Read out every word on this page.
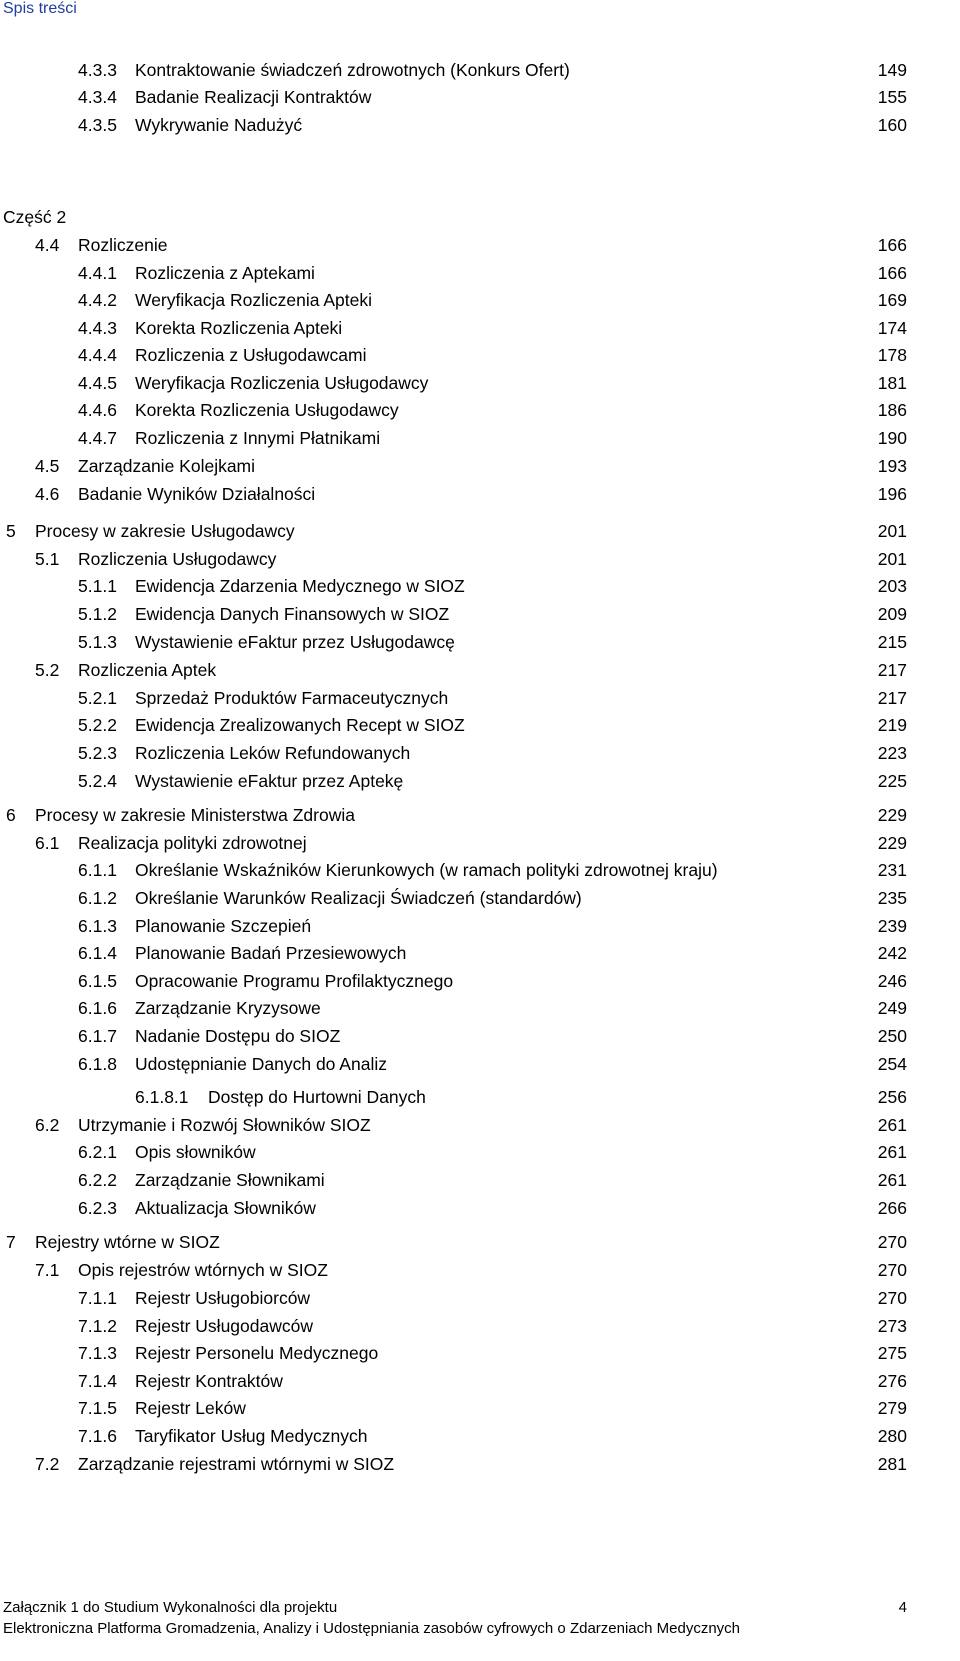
Spis treści
4.3.3 Kontraktowanie świadczeń zdrowotnych (Konkurs Ofert)	149
4.3.4 Badanie Realizacji Kontraktów	155
4.3.5 Wykrywanie Nadużyć	160
Część 2
4.4 Rozliczenie	166
4.4.1 Rozliczenia z Aptekami	166
4.4.2 Weryfikacja Rozliczenia Apteki	169
4.4.3 Korekta Rozliczenia Apteki	174
4.4.4 Rozliczenia z Usługodawcami	178
4.4.5 Weryfikacja Rozliczenia Usługodawcy	181
4.4.6 Korekta Rozliczenia Usługodawcy	186
4.4.7 Rozliczenia z Innymi Płatnikami	190
4.5 Zarządzanie Kolejkami	193
4.6 Badanie Wyników Działalności	196
5 Procesy w zakresie Usługodawcy	201
5.1 Rozliczenia Usługodawcy	201
5.1.1 Ewidencja Zdarzenia Medycznego w SIOZ	203
5.1.2 Ewidencja Danych Finansowych w SIOZ	209
5.1.3 Wystawienie eFaktur przez Usługodawcę	215
5.2 Rozliczenia Aptek	217
5.2.1 Sprzedaż Produktów Farmaceutycznych	217
5.2.2 Ewidencja Zrealizowanych Recept w SIOZ	219
5.2.3 Rozliczenia Leków Refundowanych	223
5.2.4 Wystawienie eFaktur przez Aptekę	225
6 Procesy w zakresie Ministerstwa Zdrowia	229
6.1 Realizacja polityki zdrowotnej	229
6.1.1 Określanie Wskaźników Kierunkowych (w ramach polityki zdrowotnej kraju)	231
6.1.2 Określanie Warunków Realizacji Świadczeń (standardów)	235
6.1.3 Planowanie Szczepień	239
6.1.4 Planowanie Badań Przesiewowych	242
6.1.5 Opracowanie Programu Profilaktycznego	246
6.1.6 Zarządzanie Kryzysowe	249
6.1.7 Nadanie Dostępu do SIOZ	250
6.1.8 Udostępnianie Danych do Analiz	254
6.1.8.1 Dostęp do Hurtowni Danych	256
6.2 Utrzymanie i Rozwój Słowników SIOZ	261
6.2.1 Opis słowników	261
6.2.2 Zarządzanie Słownikami	261
6.2.3 Aktualizacja Słowników	266
7 Rejestry wtórne w SIOZ	270
7.1 Opis rejestrów wtórnych w SIOZ	270
7.1.1 Rejestr Usługobiorców	270
7.1.2 Rejestr Usługodawców	273
7.1.3 Rejestr Personelu Medycznego	275
7.1.4 Rejestr Kontraktów	276
7.1.5 Rejestr Leków	279
7.1.6 Taryfikator Usług Medycznych	280
7.2 Zarządzanie rejestrami wtórnymi w SIOZ	281
Załącznik 1 do Studium Wykonalności dla projektu	4
Elektroniczna Platforma Gromadzenia, Analizy i Udostępniania zasobów cyfrowych o Zdarzeniach Medycznych
